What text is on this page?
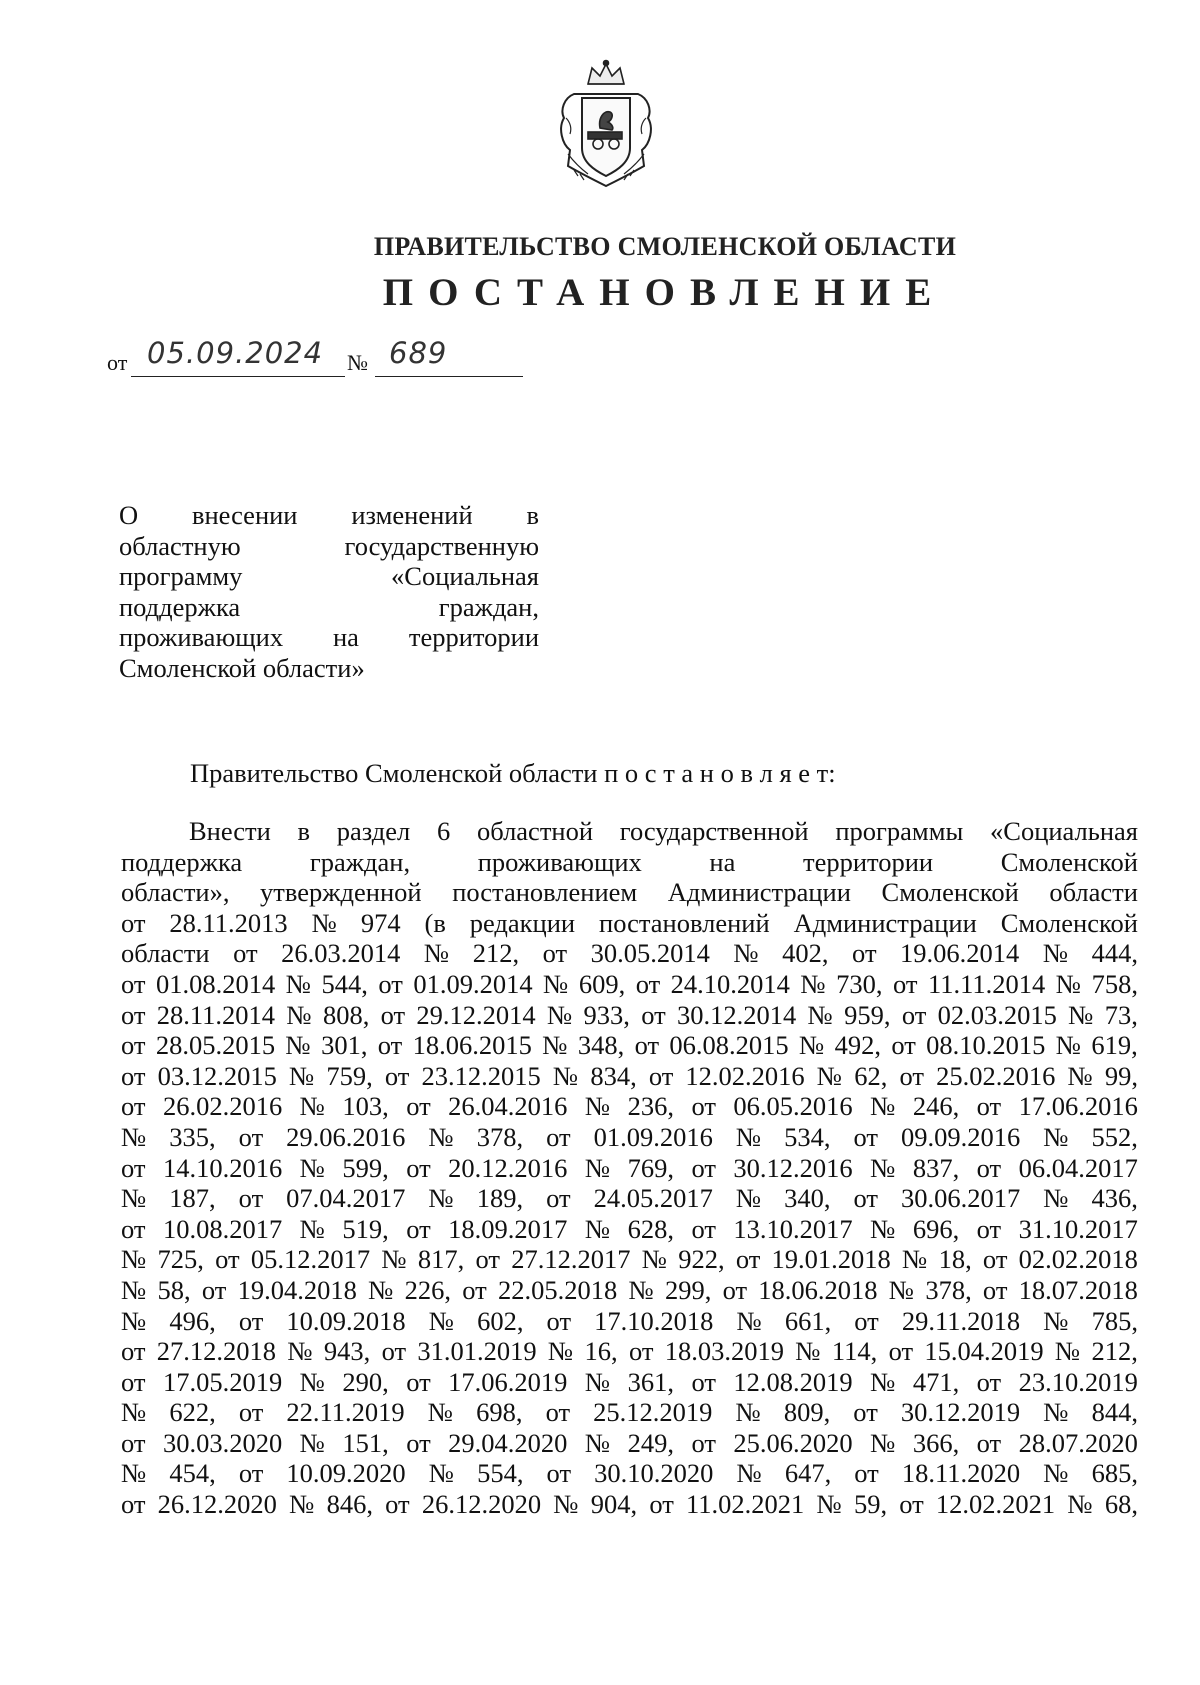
ПРАВИТЕЛЬСТВО СМОЛЕНСКОЙ ОБЛАСТИ
ПОСТАНОВЛЕНИЕ
от 05.09.2024 № 689
О внесении изменений в
областную	государственную
программу	«Социальная
поддержка	граждан,
проживающих на территории
Смоленской области»
Правительство Смоленской области п о с т а н о в л я е т:
Внести в раздел 6 областной государственной программы «Социальная
поддержка	граждан,	проживающих	на	территории	Смоленской
области», утвержденной постановлением Администрации Смоленской области
от 28.11.2013 № 974 (в редакции постановлений Администрации Смоленской
области от 26.03.2014 № 212, от 30.05.2014 № 402, от 19.06.2014 № 444,
от 01.08.2014 № 544, от 01.09.2014 № 609, от 24.10.2014 № 730, от 11.11.2014 № 758,
от 28.11.2014 № 808, от 29.12.2014 № 933, от 30.12.2014 № 959, от 02.03.2015 № 73,
от 28.05.2015 № 301, от 18.06.2015 № 348, от 06.08.2015 № 492, от 08.10.2015 № 619,
от 03.12.2015 № 759, от 23.12.2015 № 834, от 12.02.2016 № 62, от 25.02.2016 № 99,
от 26.02.2016 № 103, от 26.04.2016 № 236, от 06.05.2016 № 246, от 17.06.2016
№ 335, от 29.06.2016 № 378, от 01.09.2016 № 534, от 09.09.2016 № 552,
от 14.10.2016 № 599, от 20.12.2016 № 769, от 30.12.2016 № 837, от 06.04.2017
№ 187, от 07.04.2017 № 189, от 24.05.2017 № 340, от 30.06.2017 № 436,
от 10.08.2017 № 519, от 18.09.2017 № 628, от 13.10.2017 № 696, от 31.10.2017
№ 725, от 05.12.2017 № 817, от 27.12.2017 № 922, от 19.01.2018 № 18, от 02.02.2018
№ 58, от 19.04.2018 № 226, от 22.05.2018 № 299, от 18.06.2018 № 378, от 18.07.2018
№ 496, от 10.09.2018 № 602, от 17.10.2018 № 661, от 29.11.2018 № 785,
от 27.12.2018 № 943, от 31.01.2019 № 16, от 18.03.2019 № 114, от 15.04.2019 № 212,
от 17.05.2019 № 290, от 17.06.2019 № 361, от 12.08.2019 № 471, от 23.10.2019
№ 622, от 22.11.2019 № 698, от 25.12.2019 № 809, от 30.12.2019 № 844,
от 30.03.2020 № 151, от 29.04.2020 № 249, от 25.06.2020 № 366, от 28.07.2020
№ 454, от 10.09.2020 № 554, от 30.10.2020 № 647, от 18.11.2020 № 685,
от 26.12.2020 № 846, от 26.12.2020 № 904, от 11.02.2021 № 59, от 12.02.2021 № 68,
